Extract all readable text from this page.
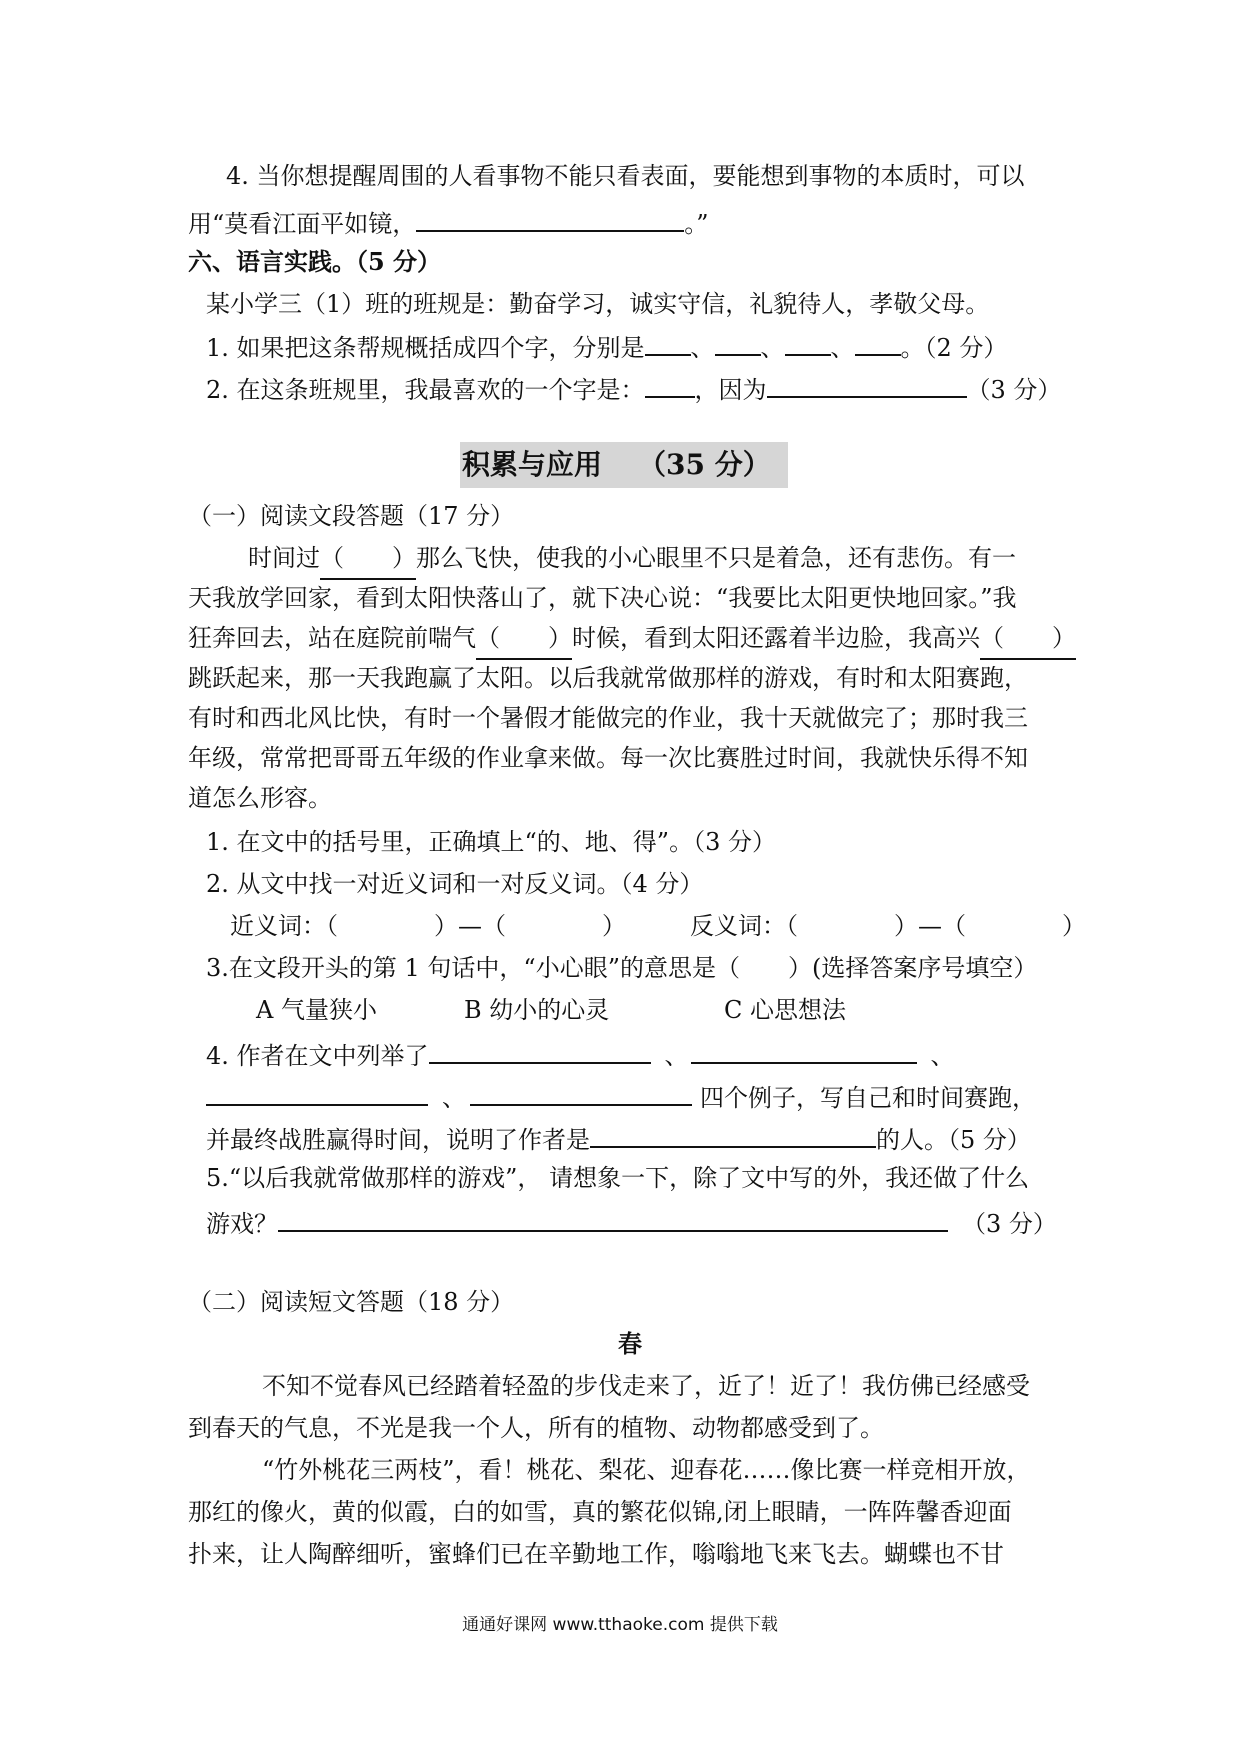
4. 当你想提醒周围的人看事物不能只看表面，要能想到事物的本质时，可以
用“莫看江面平如镜，	。”
六、语言实践。（5 分）
某小学三（1）班的班规是：勤奋学习，诚实守信，礼貌待人，孝敬父母。
1. 如果把这条帮规概括成四个字，分别是 、 、 、 。（2 分）
2. 在这条班规里，我最喜欢的一个字是： ，因为	（3 分）
积累与应用 （35 分）
（一）阅读文段答题（17 分）
时间过（　　）那么飞快，使我的小心眼里不只是着急，还有悲伤。有一
天我放学回家，看到太阳快落山了，就下决心说：“我要比太阳更快地回家。”我
狂奔回去，站在庭院前喘气（　　）时候，看到太阳还露着半边脸，我高兴（　　）
跳跃起来，那一天我跑赢了太阳。以后我就常做那样的游戏，有时和太阳赛跑，
有时和西北风比快，有时一个暑假才能做完的作业，我十天就做完了；那时我三
年级，常常把哥哥五年级的作业拿来做。每一次比赛胜过时间，我就快乐得不知
道怎么形容。
1. 在文中的括号里，正确填上“的、地、得”。（3 分）
2. 从文中找一对近义词和一对反义词。（4 分）
近义词：（　　　　）—（　　　　）	反义词：（　　　　）—（　　　　）
3.在文段开头的第 1 句话中，“小心眼”的意思是（　　）(选择答案序号填空）
A 气量狭小	B 幼小的心灵	C 心思想法
4. 作者在文中列举了	、	、
、	四个例子，写自己和时间赛跑，
并最终战胜赢得时间，说明了作者是	的人。（5 分）
5.“以后我就常做那样的游戏”， 请想象一下，除了文中写的外，我还做了什么
游戏？	（3 分）
（二）阅读短文答题（18 分）
春
不知不觉春风已经踏着轻盈的步伐走来了，近了！近了！我仿佛已经感受
到春天的气息，不光是我一个人，所有的植物、动物都感受到了。
“竹外桃花三两枝”，看！桃花、梨花、迎春花……像比赛一样竞相开放，
那红的像火，黄的似霞，白的如雪，真的繁花似锦,闭上眼睛，一阵阵馨香迎面
扑来，让人陶醉细听，蜜蜂们已在辛勤地工作，嗡嗡地飞来飞去。蝴蝶也不甘
通通好课网 www.tthaoke.com 提供下载
